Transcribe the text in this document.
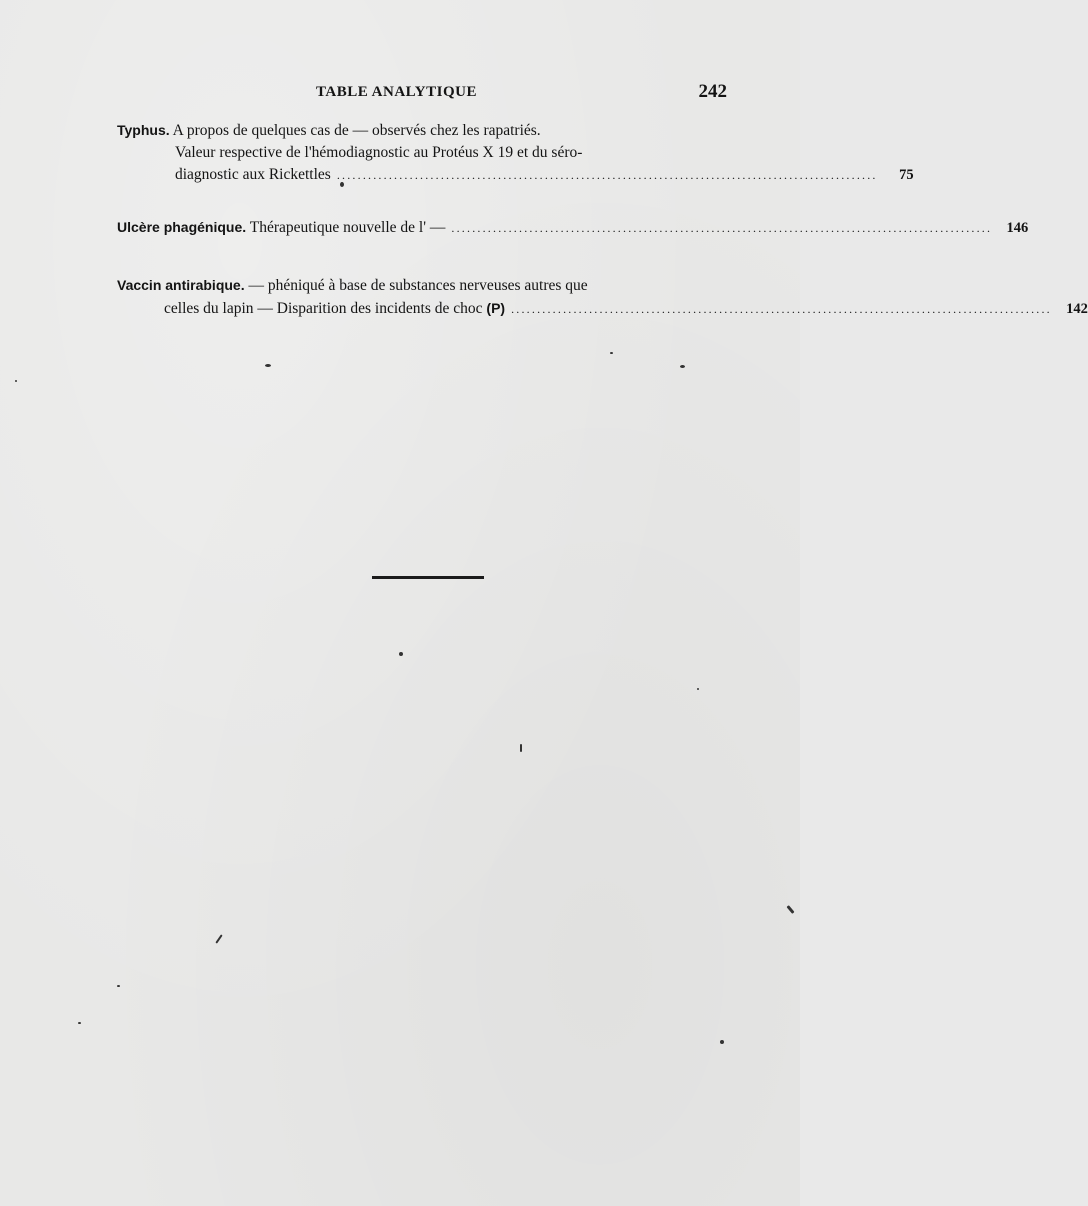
TABLE ANALYTIQUE	242
Typhus. A propos de quelques cas de — observés chez les rapatriés.
Valeur respective de l'hémodiagnostic au Protéus X 19 et du séro-
diagnostic aux Rickettles ........................................................................................................	75
Ulcère phagénique. Thérapeutique nouvelle de l' — ........................................................................................................ 146
Vaccin antirabique. — phéniqué à base de substances nerveuses autres que
celles du lapin — Disparition des incidents de choc (P) ........................................................................................................ 142
